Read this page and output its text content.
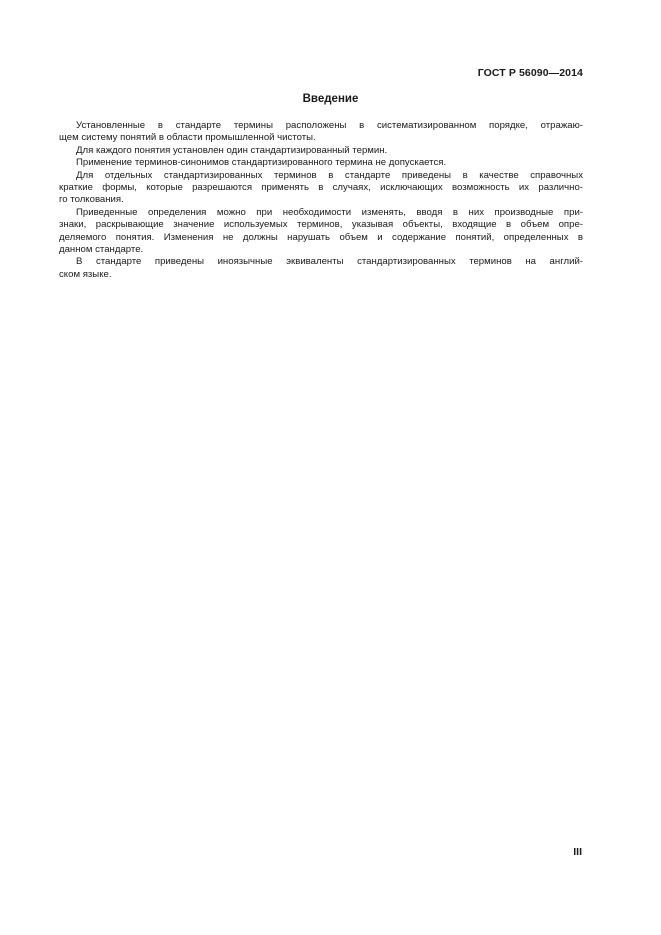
ГОСТ Р 56090—2014
Введение
Установленные в стандарте термины расположены в систематизированном порядке, отражаю-
щем систему понятий в области промышленной чистоты.
Для каждого понятия установлен один стандартизированный термин.
Применение терминов-синонимов стандартизированного термина не допускается.
Для отдельных стандартизированных терминов в стандарте приведены в качестве справочных
краткие формы, которые разрешаются применять в случаях, исключающих возможность их различно-
го толкования.
Приведенные определения можно при необходимости изменять, вводя в них производные при-
знаки, раскрывающие значение используемых терминов, указывая объекты, входящие в объем опре-
деляемого понятия. Изменения не должны нарушать объем и содержание понятий, определенных в
данном стандарте.
В стандарте приведены иноязычные эквиваленты стандартизированных терминов на англий-
ском языке.
III
